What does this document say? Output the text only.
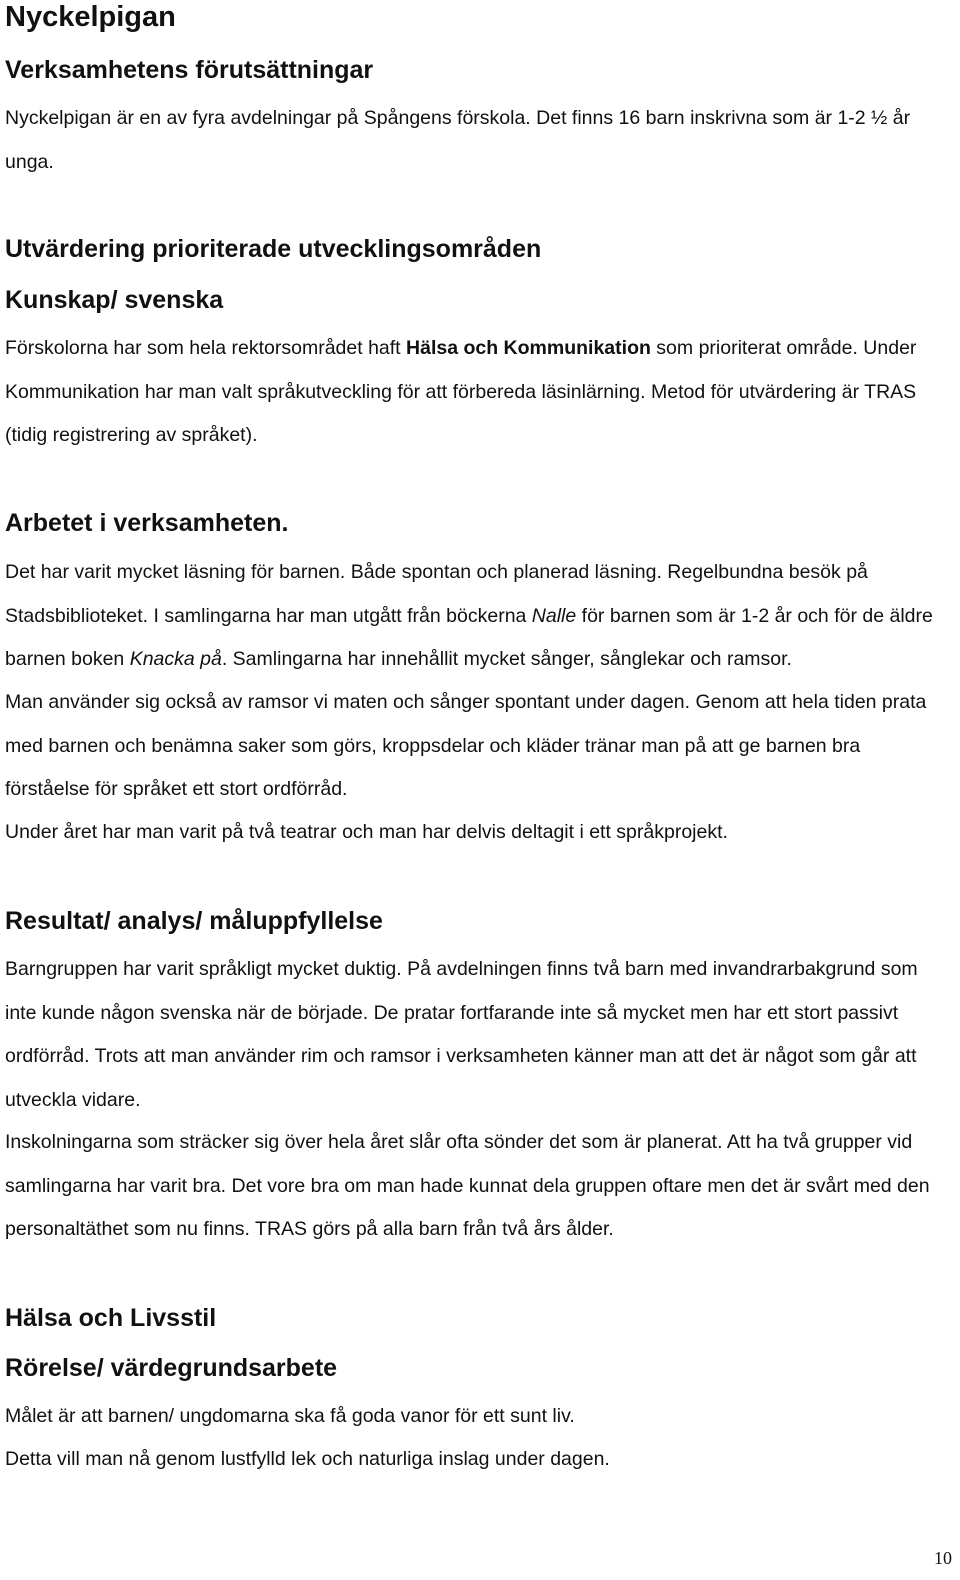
Nyckelpigan
Verksamhetens förutsättningar

Nyckelpigan är en av fyra avdelningar på Spångens förskola. Det finns 16 barn inskrivna som är 1-2 ½ år unga.

Utvärdering prioriterade utvecklingsområden
Kunskap/ svenska

Förskolorna har som hela rektorsområdet haft Hälsa och Kommunikation som prioriterat område. Under Kommunikation har man valt språkutveckling för att förbereda läsinlärning. Metod för utvärdering är TRAS (tidig registrering av språket).

Arbetet i verksamheten.

Det har varit mycket läsning för barnen. Både spontan och planerad läsning. Regelbundna besök på Stadsbiblioteket. I samlingarna har man utgått från böckerna Nalle för barnen som är 1-2 år och för de äldre barnen boken Knacka på. Samlingarna har innehållit mycket sånger, sånglekar och ramsor.

Man använder sig också av ramsor vi maten och sånger spontant under dagen. Genom att hela tiden prata med barnen och benämna saker som görs, kroppsdelar och kläder tränar man på att ge barnen bra förståelse för språket ett stort ordförråd.

Under året har man varit på två teatrar och man har delvis deltagit i ett språkprojekt.

Resultat/ analys/ måluppfyllelse

Barngruppen har varit språkligt mycket duktig. På avdelningen finns två barn med invandrarbakgrund som inte kunde någon svenska när de började. De pratar fortfarande inte så mycket men har ett stort passivt ordförråd. Trots att man använder rim och ramsor i verksamheten känner man att det är något som går att utveckla vidare.

Inskolningarna som sträcker sig över hela året slår ofta sönder det som är planerat. Att ha två grupper vid samlingarna har varit bra. Det vore bra om man hade kunnat dela gruppen oftare men det är svårt med den personaltäthet som nu finns. TRAS görs på alla barn från två års ålder.

Hälsa och Livsstil
Rörelse/ värdegrundsarbete

Målet är att barnen/ ungdomarna ska få goda vanor för ett sunt liv.

Detta vill man nå genom lustfylld lek och naturliga inslag under dagen.

10
